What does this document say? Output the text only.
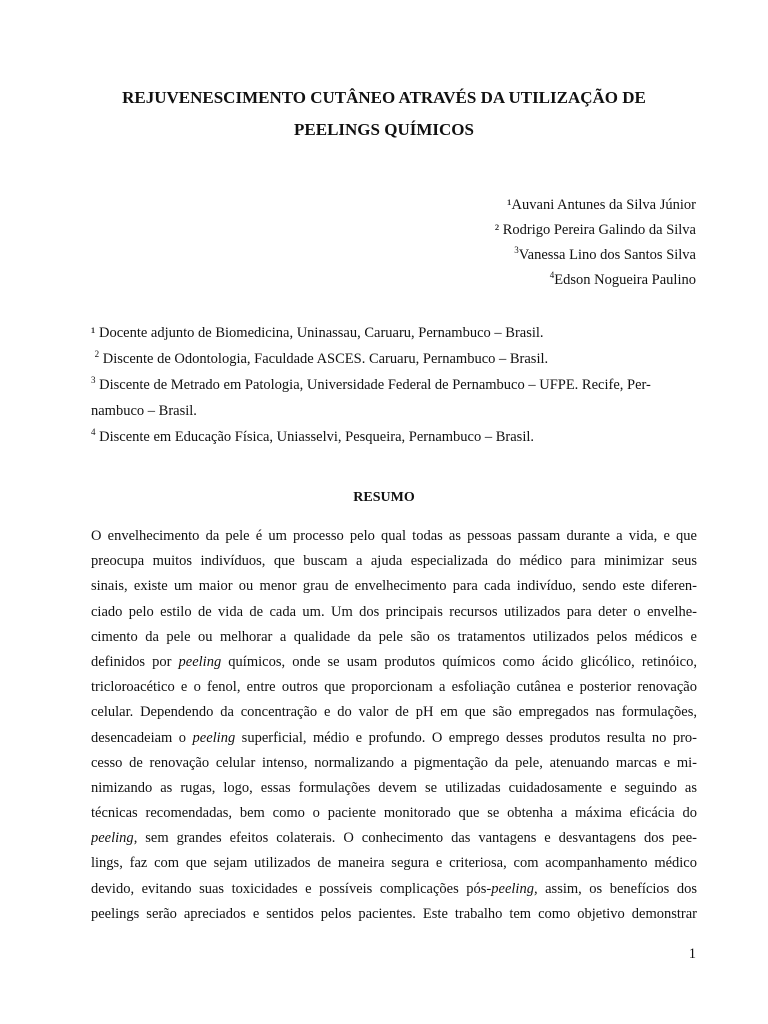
REJUVENESCIMENTO CUTÂNEO ATRAVÉS DA UTILIZAÇÃO DE
PEELINGS QUÍMICOS
¹Auvani Antunes da Silva Júnior
² Rodrigo Pereira Galindo da Silva
$^3$Vanessa Lino dos Santos Silva
$^4$Edson Nogueira Paulino

¹ Docente adjunto de Biomedicina, Uninassau, Caruaru, Pernambuco – Brasil.

$^2$ Discente de Odontologia, Faculdade ASCES. Caruaru, Pernambuco – Brasil.

$^3$ Discente de Metrado em Patologia, Universidade Federal de Pernambuco – UFPE. Recife, Per-
nambuco – Brasil.

$^4$ Discente em Educação Física, Uniasselvi, Pesqueira, Pernambuco – Brasil.

RESUMO
O envelhecimento da pele é um processo pelo qual todas as pessoas passam durante a vida, e que
preocupa muitos indivíduos, que buscam a ajuda especializada do médico para minimizar seus
sinais, existe um maior ou menor grau de envelhecimento para cada indivíduo, sendo este diferen-
ciado pelo estilo de vida de cada um. Um dos principais recursos utilizados para deter o envelhe-
cimento da pele ou melhorar a qualidade da pele são os tratamentos utilizados pelos médicos e
definidos por peeling químicos, onde se usam produtos químicos como ácido glicólico, retinóico,
tricloroacético e o fenol, entre outros que proporcionam a esfoliação cutânea e posterior renovação
celular. Dependendo da concentração e do valor de pH em que são empregados nas formulações,
desencadeiam o peeling superficial, médio e profundo. O emprego desses produtos resulta no pro-
cesso de renovação celular intenso, normalizando a pigmentação da pele, atenuando marcas e mi-
nimizando as rugas, logo, essas formulações devem se utilizadas cuidadosamente e seguindo as
técnicas recomendadas, bem como o paciente monitorado que se obtenha a máxima eficácia do
peeling, sem grandes efeitos colaterais. O conhecimento das vantagens e desvantagens dos pee-
lings, faz com que sejam utilizados de maneira segura e criteriosa, com acompanhamento médico
devido, evitando suas toxicidades e possíveis complicações pós-peeling, assim, os benefícios dos
peelings serão apreciados e sentidos pelos pacientes. Este trabalho tem como objetivo demonstrar
1
